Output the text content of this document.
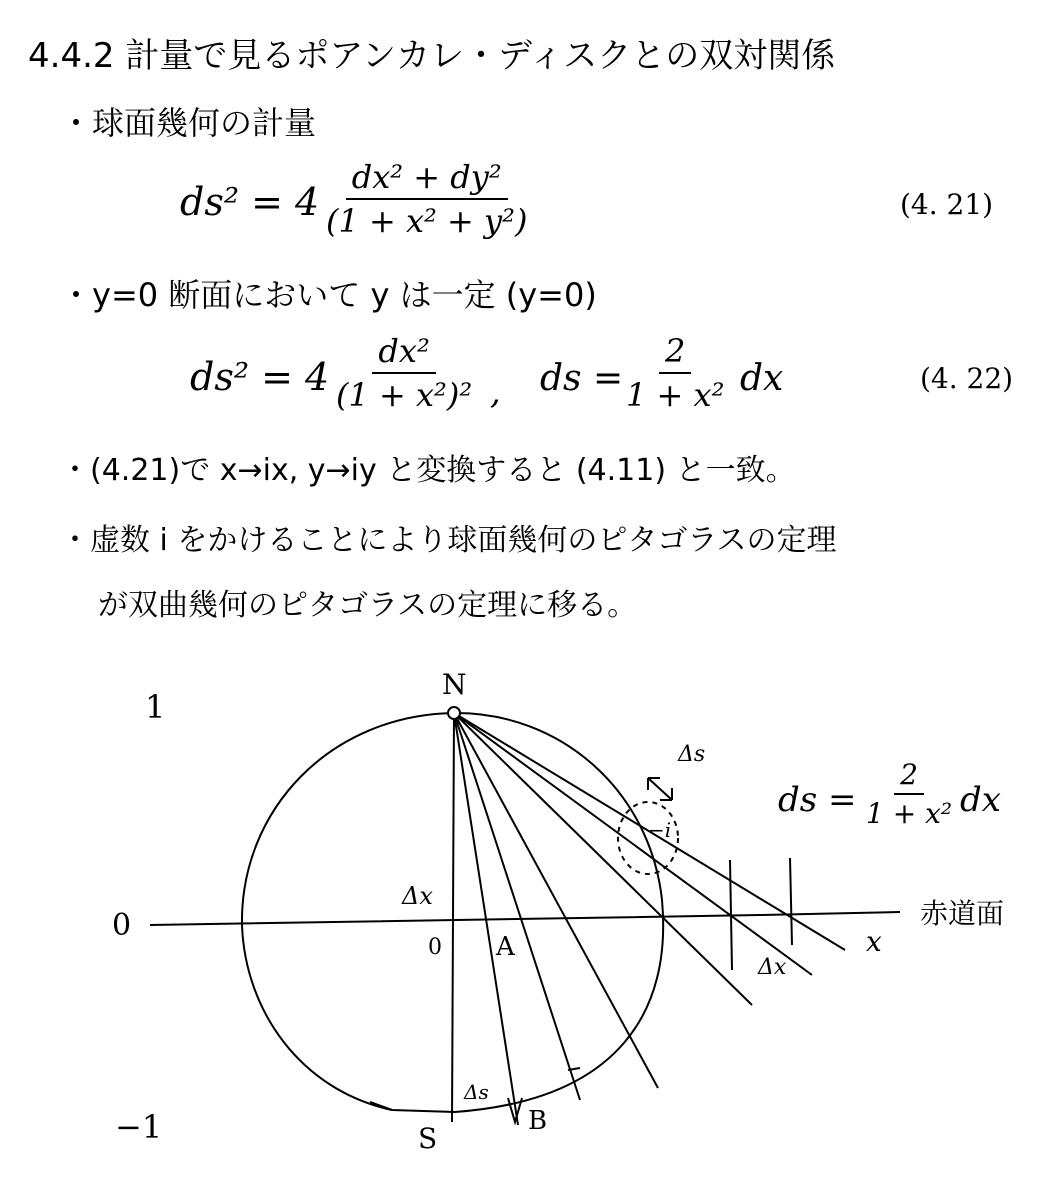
4.4.2 計量で見るポアンカレ・ディスクとの双対関係
・球面幾何の計量
$ds^2 = 4 \frac{\text{dx² + dy²}}{\text{(1 + x² + y²)}}$	(4. 21)
・y=0 断面において y は一定 (y=0)
$ds^2 = 4 \frac{\text{dx²}}{\text{(1 + x²)²}}$ , ds =
$\frac{2}{\text{1 + x²}}$ dx	(4. 22)
・(4.21)で x→ix, y→iy と変換すると (4.11) と一致。
・虚数 i をかけることにより球面幾何のピタゴラスの定理
が双曲幾何のピタゴラスの定理に移る。
1
0
−1
N
S
0 A
B
Δs
Δs
Δx
Δx
−i
x
赤道面
ds = $\frac{2}{\text{1 + x²}}$ dx
